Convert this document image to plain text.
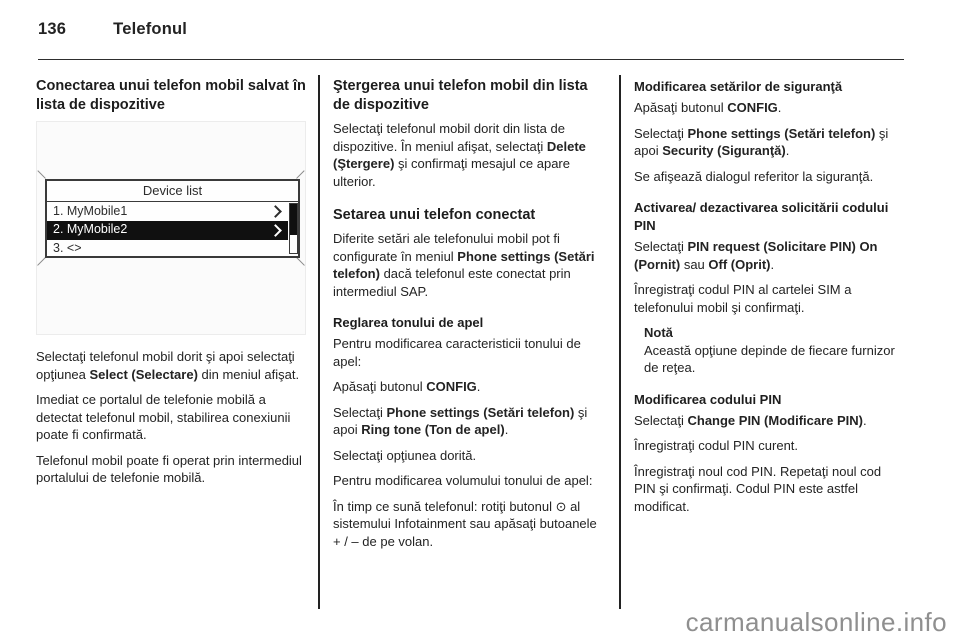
136	Telefonul
Conectarea unui telefon mobil salvat în lista de dispozitive
Device list
1. MyMobile1
2. MyMobile2
3. <>
Selectaţi telefonul mobil dorit şi apoi selectaţi opţiunea Select (Selectare) din meniul afişat.
Imediat ce portalul de telefonie mobilă a detectat telefonul mobil, stabilirea conexiunii poate fi confirmată.
Telefonul mobil poate fi operat prin intermediul portalului de telefonie mobilă.
Ştergerea unui telefon mobil din lista de dispozitive
Selectaţi telefonul mobil dorit din lista de dispozitive. În meniul afişat, selectaţi Delete (Ştergere) şi confirmaţi mesajul ce apare ulterior.
Setarea unui telefon conectat
Diferite setări ale telefonului mobil pot fi configurate în meniul Phone settings (Setări telefon) dacă telefonul este conectat prin intermediul SAP.
Reglarea tonului de apel
Pentru modificarea caracteristicii tonului de apel:
Apăsaţi butonul CONFIG.
Selectaţi Phone settings (Setări telefon) şi apoi Ring tone (Ton de apel).
Selectaţi opţiunea dorită.
Pentru modificarea volumului tonului de apel:
În timp ce sună telefonul: rotiţi butonul ⊙ al sistemului Infotainment sau apăsaţi butoanele + / – de pe volan.
Modificarea setărilor de siguranţă
Apăsaţi butonul CONFIG.
Selectaţi Phone settings (Setări telefon) şi apoi Security (Siguranţă).
Se afişează dialogul referitor la siguranţă.
Activarea/ dezactivarea solicitării codului PIN
Selectaţi PIN request (Solicitare PIN) On (Pornit) sau Off (Oprit).
Înregistraţi codul PIN al cartelei SIM a telefonului mobil şi confirmaţi.
Notă
Această opţiune depinde de fiecare furnizor de reţea.
Modificarea codului PIN
Selectaţi Change PIN (Modificare PIN).
Înregistraţi codul PIN curent.
Înregistraţi noul cod PIN. Repetaţi noul cod PIN şi confirmaţi. Codul PIN este astfel modificat.
carmanualsonline.info
